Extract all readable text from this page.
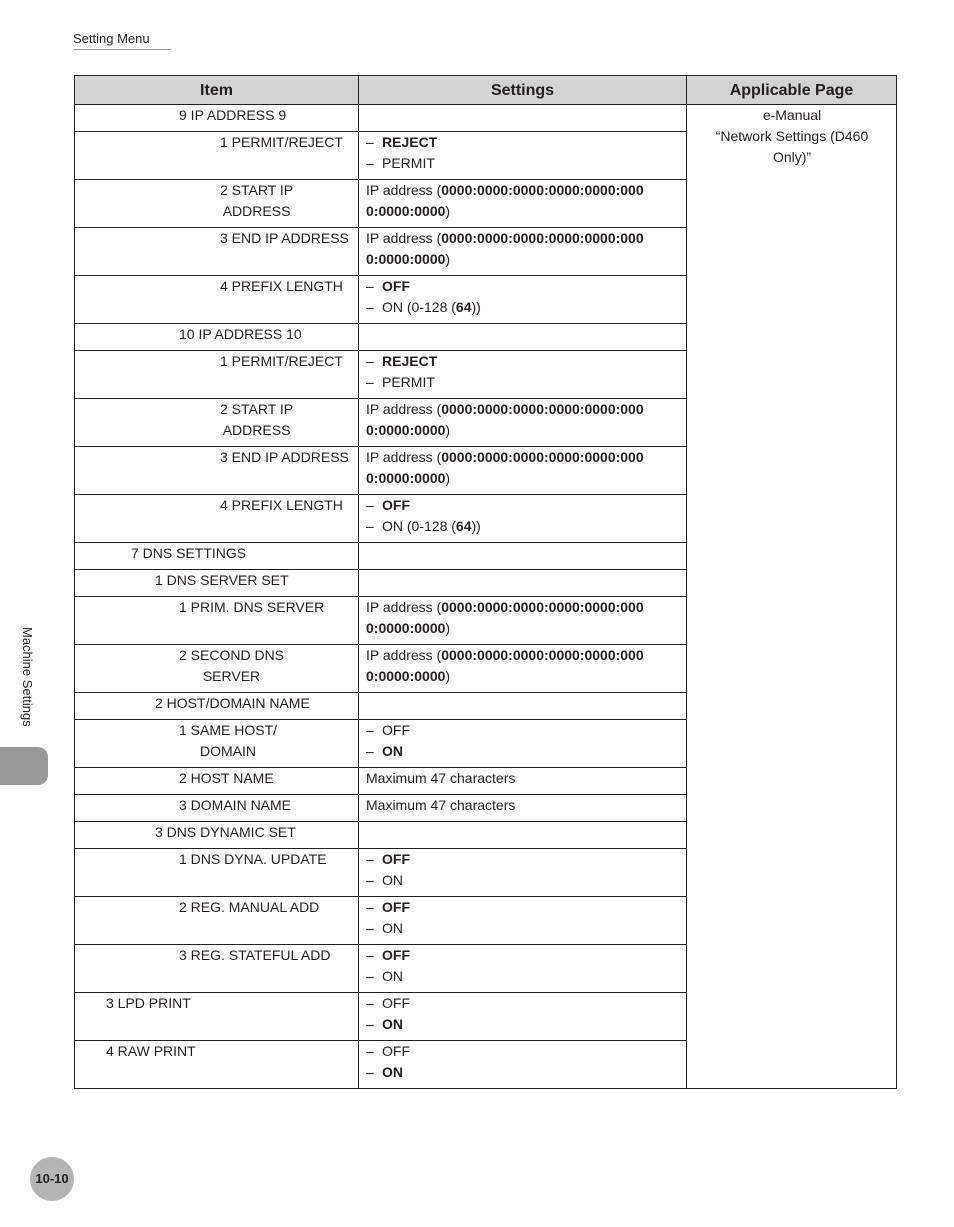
Setting Menu
Item	Settings	Applicable Page

9 IP ADDRESS 9		e-Manual
“Network Settings (D460
Only)”

1 PERMIT/REJECT	– REJECT
– PERMIT	

2 START IP
ADDRESS	IP address (0000:0000:0000:0000:0000:000
0:0000:0000)	

3 END IP ADDRESS	IP address (0000:0000:0000:0000:0000:000
0:0000:0000)	

4 PREFIX LENGTH	– OFF
– ON (0-128 (64))	

10 IP ADDRESS 10		

1 PERMIT/REJECT	– REJECT
– PERMIT	

2 START IP
ADDRESS	IP address (0000:0000:0000:0000:0000:000
0:0000:0000)	

3 END IP ADDRESS	IP address (0000:0000:0000:0000:0000:000
0:0000:0000)	

4 PREFIX LENGTH	– OFF
– ON (0-128 (64))	

7 DNS SETTINGS		

1 DNS SERVER SET		

1 PRIM. DNS SERVER	IP address (0000:0000:0000:0000:0000:000
0:0000:0000)	

2 SECOND DNS
SERVER	IP address (0000:0000:0000:0000:0000:000
0:0000:0000)	

2 HOST/DOMAIN NAME		

1 SAME HOST/
DOMAIN	– OFF
– ON	

2 HOST NAME	Maximum 47 characters	

3 DOMAIN NAME	Maximum 47 characters	

3 DNS DYNAMIC SET		

1 DNS DYNA. UPDATE	– OFF
– ON	

2 REG. MANUAL ADD	– OFF
– ON	

3 REG. STATEFUL ADD	– OFF
– ON	

3 LPD PRINT	– OFF
– ON	

4 RAW PRINT	– OFF
– ON	
Machine Settings
10-10
